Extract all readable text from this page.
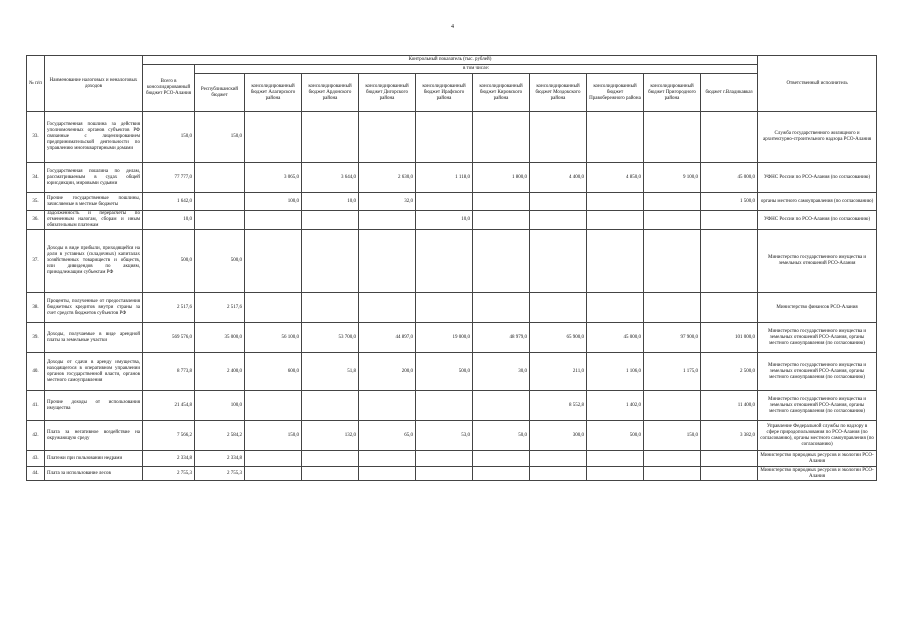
4
№ п/п	Наименование налоговых и неналоговых доходов	Контрольный показатель (тыс. рублей)											Ответственный исполнитель
		Всего в консолидированный бюджет РСО-Алания	в том числе:										
			Республиканский бюджет	консолидированный бюджет Алагирского района	консолидированный бюджет Ардонского района	консолидированный бюджет Дигорского района	консолидированный бюджет Ирафского района	консолидированный бюджет Кировского района	консолидированный бюджет Моздокского района	консолидированный бюджет Правобережного района	консолидированный бюджет Пригородного района	бюджет г.Владикавказ	
33.	Государственная пошлина за действия уполномоченных органов субъектов РФ связанные с лицензированием предпринимательской деятельности по управлению многоквартирными домами	150,0	150,0										Служба государственного жилищного и архитектурно-строительного надзора РСО-Алания
34.	Государственная пошлина по делам, рассматриваемым в судах общей юрисдикции, мировыми судьями	77 777,0		3 065,0	3 644,0	2 630,0	1 118,0	1 800,0	4 400,0	4 850,0	9 100,0	45 000,0	УФНС России по РСО-Алания (по согласованию)
35.	Прочие государственные пошлины, зачисляемые в местные бюджеты	1 642,0		100,0	10,0	32,0						1 500,0	органы местного самоуправления (по согласованию)
36.	Задолженность и перерасчеты по отмененным налогам, сборам и иным обязательным платежам	10,0					10,0						УФНС России по РСО-Алания (по согласованию)
37.	Доходы в виде прибыли, приходящейся на доли в уставных (складочных) капиталах хозяйственных товариществ и обществ, или дивидендов по акциям, принадлежащим субъектам РФ	500,0	500,0										Министерство государственного имущества и земельных отношений РСО-Алания
38.	Проценты, полученные от предоставления бюджетных кредитов внутри страны за счет средств бюджетов субъектов РФ	2 517,6	2 517,6										Министерство финансов РСО-Алания
39.	Доходы, получаемые в виде арендной платы за земельные участки	569 576,0	35 000,0	56 100,0	53 700,0	44 897,0	19 000,0	48 979,0	65 900,0	45 000,0	97 900,0	101 000,0	Министерство государственного имущества и земельных отношений РСО-Алания, органы местного самоуправления (по согласованию)
40.	Доходы от сдачи в аренду имущества, находящегося в оперативном управлении органов государственной власти, органов местного самоуправления	8 773,8	2 400,0	600,0	51,8	200,0	500,0	30,0	211,0	1 106,0	1 175,0	2 500,0	Министерство государственного имущества и земельных отношений РСО-Алания, органы местного самоуправления (по согласованию)
41.	Прочие доходы от использования имущества	21 454,8	100,0						8 552,8	1 402,0		11 400,0	Министерство государственного имущества и земельных отношений РСО-Алания, органы местного самоуправления (по согласованию)
42.	Плата за негативное воздействие на окружающую среду	7 566,2	2 584,2	150,0	132,0	65,0	53,0	50,0	300,0	500,0	150,0	3 382,0	Управление Федеральной службы по надзору в сфере природопользования по РСО-Алания (по согласованию), органы местного самоуправления (по согласованию)
43.	Платежи при пользовании недрами	2 334,8	2 334,8										Министерство природных ресурсов и экологии РСО-Алания
44.	Плата за использование лесов	2 755,3	2 755,3										Министерство природных ресурсов и экологии РСО-Алания
